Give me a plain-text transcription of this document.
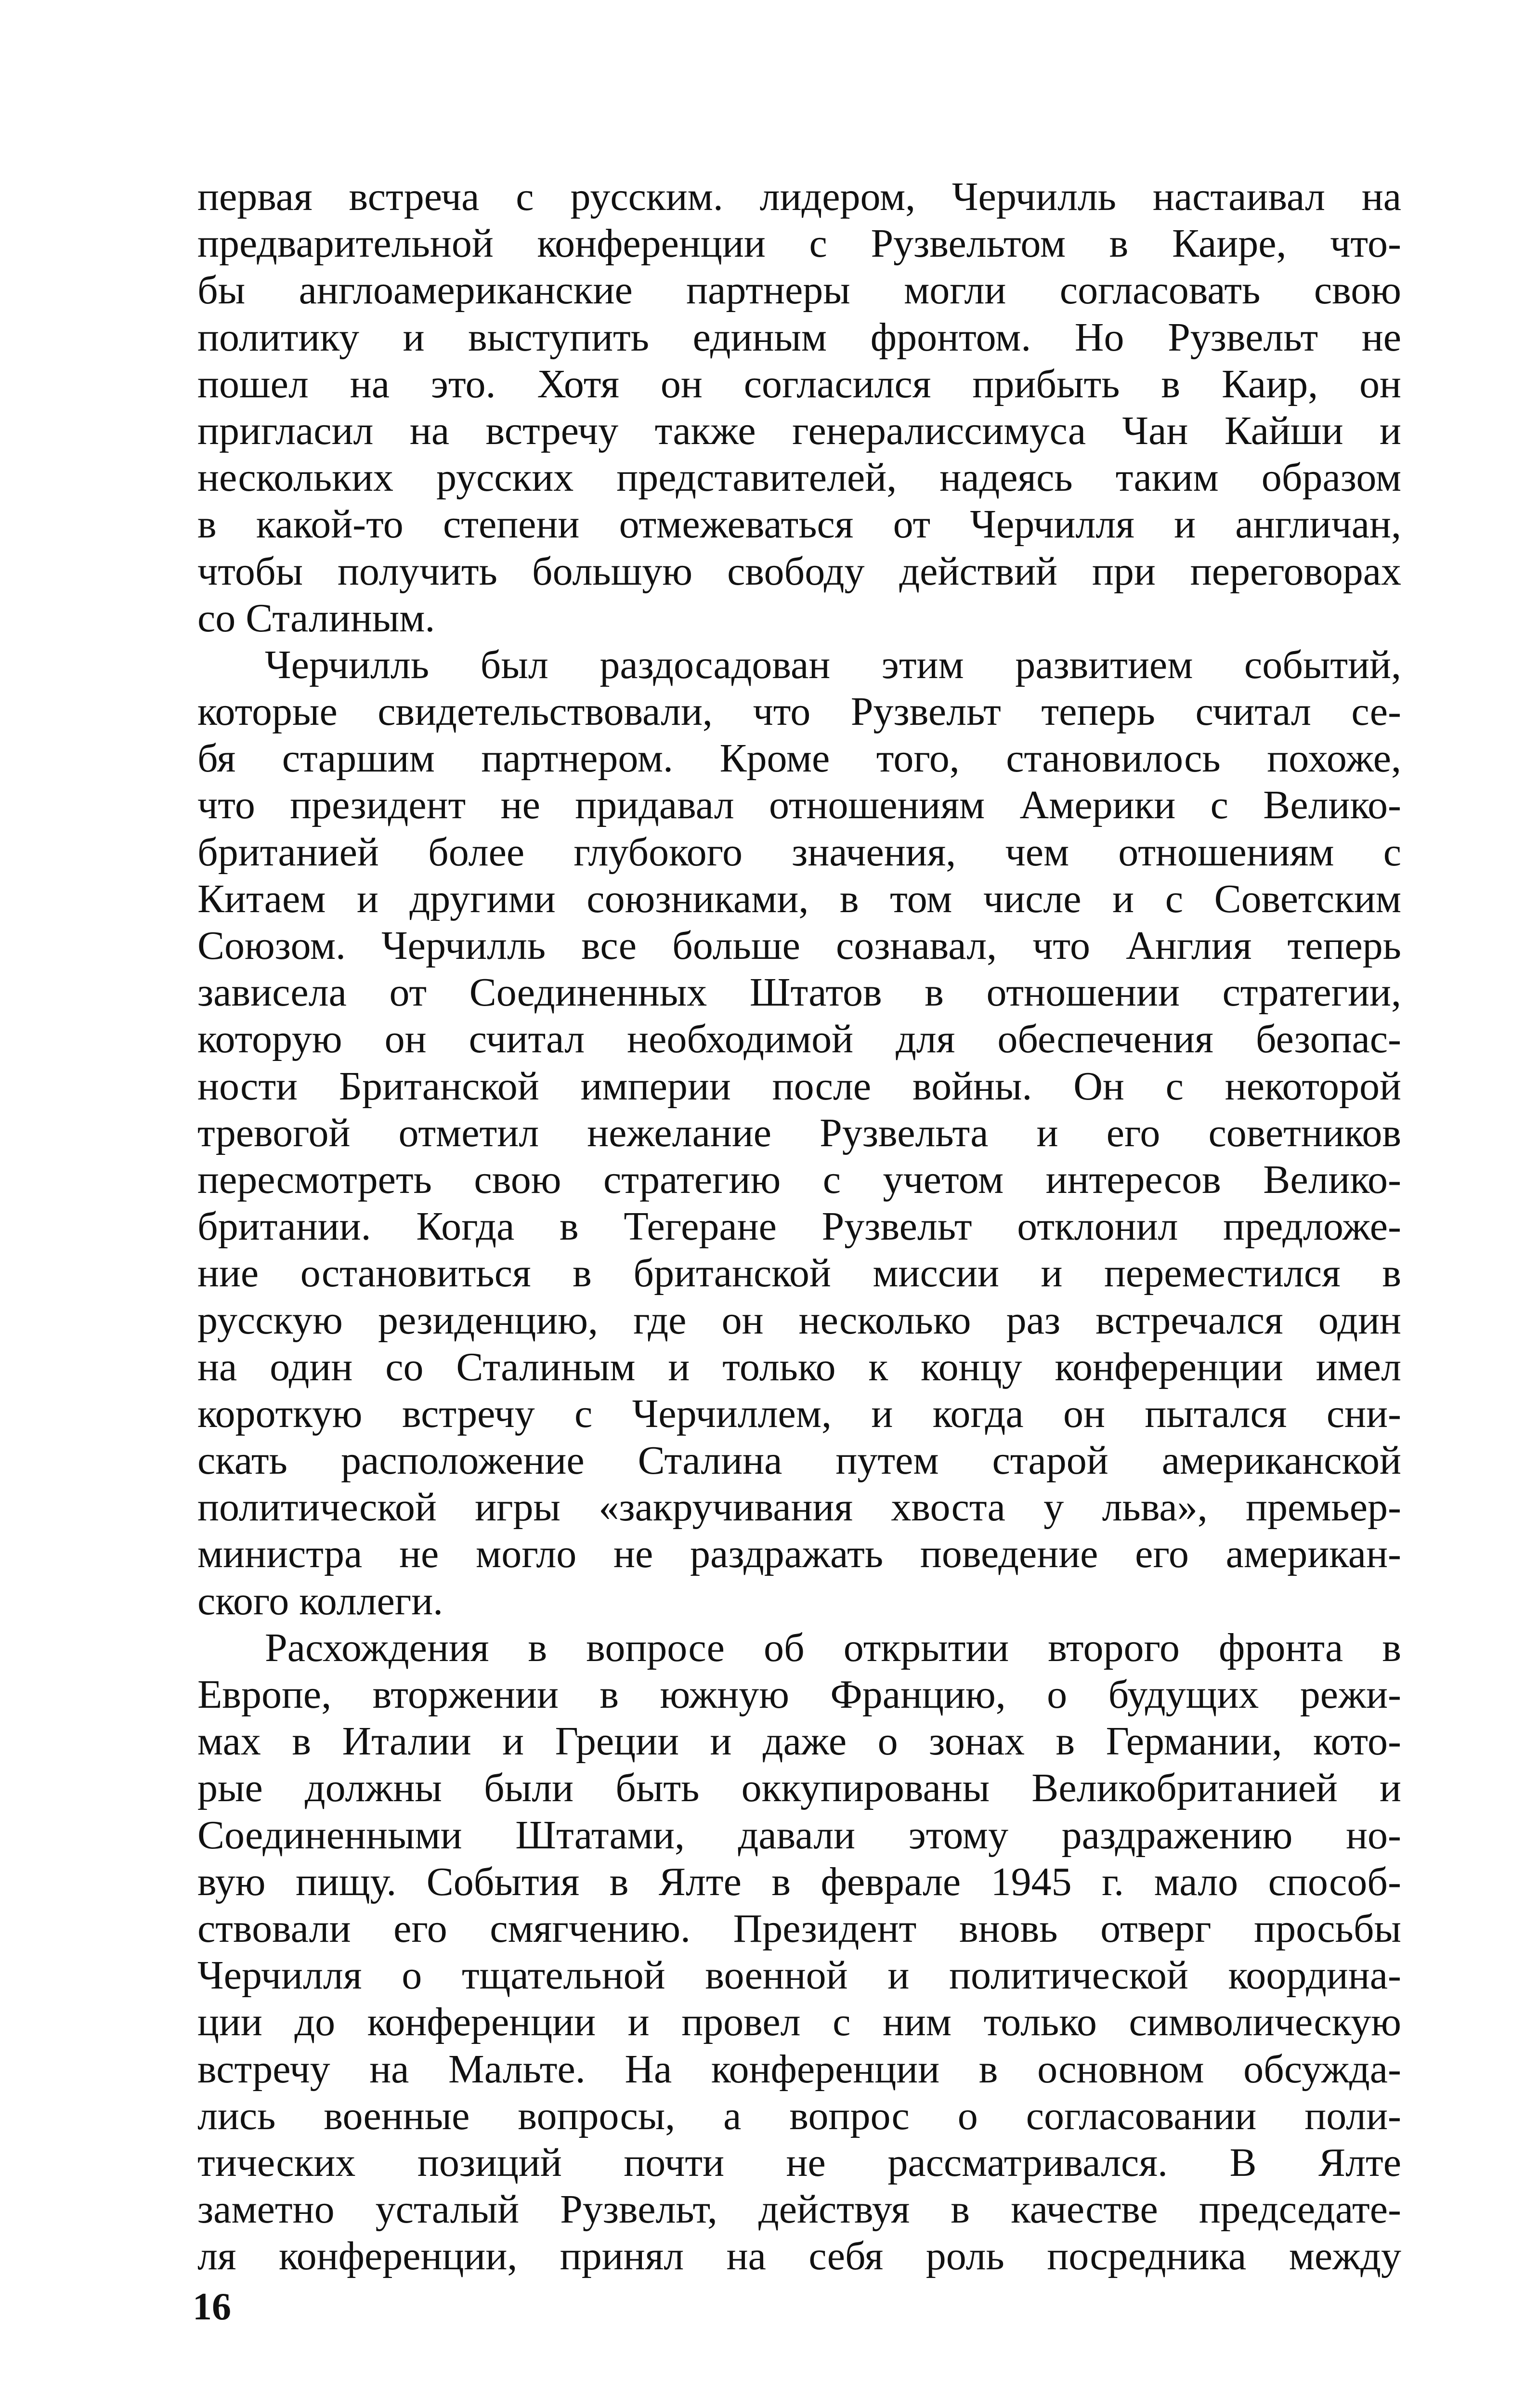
первая встреча с русским. лидером, Черчилль настаивал на
предварительной конференции с Рузвельтом в Каире, что-
бы англоамериканские партнеры могли согласовать свою
политику и выступить единым фронтом. Но Рузвельт не
пошел на это. Хотя он согласился прибыть в Каир, он
пригласил на встречу также генералиссимуса Чан Кайши и
нескольких русских представителей, надеясь таким образом
в какой-то степени отмежеваться от Черчилля и англичан,
чтобы получить большую свободу действий при переговорах
со Сталиным.
Черчилль был раздосадован этим развитием событий,
которые свидетельствовали, что Рузвельт теперь считал се-
бя старшим партнером. Кроме того, становилось похоже,
что президент не придавал отношениям Америки с Велико-
британией более глубокого значения, чем отношениям с
Китаем и другими союзниками, в том числе и с Советским
Союзом. Черчилль все больше сознавал, что Англия теперь
зависела от Соединенных Штатов в отношении стратегии,
которую он считал необходимой для обеспечения безопас-
ности Британской империи после войны. Он с некоторой
тревогой отметил нежелание Рузвельта и его советников
пересмотреть свою стратегию с учетом интересов Велико-
британии. Когда в Тегеране Рузвельт отклонил предложе-
ние остановиться в британской миссии и переместился в
русскую резиденцию, где он несколько раз встречался один
на один со Сталиным и только к концу конференции имел
короткую встречу с Черчиллем, и когда он пытался сни-
скать расположение Сталина путем старой американской
политической игры «закручивания хвоста у льва», премьер-
министра не могло не раздражать поведение его американ-
ского коллеги.
Расхождения в вопросе об открытии второго фронта в
Европе, вторжении в южную Францию, о будущих режи-
мах в Италии и Греции и даже о зонах в Германии, кото-
рые должны были быть оккупированы Великобританией и
Соединенными Штатами, давали этому раздражению но-
вую пищу. События в Ялте в феврале 1945 г. мало способ-
ствовали его смягчению. Президент вновь отверг просьбы
Черчилля о тщательной военной и политической координа-
ции до конференции и провел с ним только символическую
встречу на Мальте. На конференции в основном обсужда-
лись военные вопросы, а вопрос о согласовании поли-
тических позиций почти не рассматривался. В Ялте
заметно усталый Рузвельт, действуя в качестве председате-
ля конференции, принял на себя роль посредника между
16
